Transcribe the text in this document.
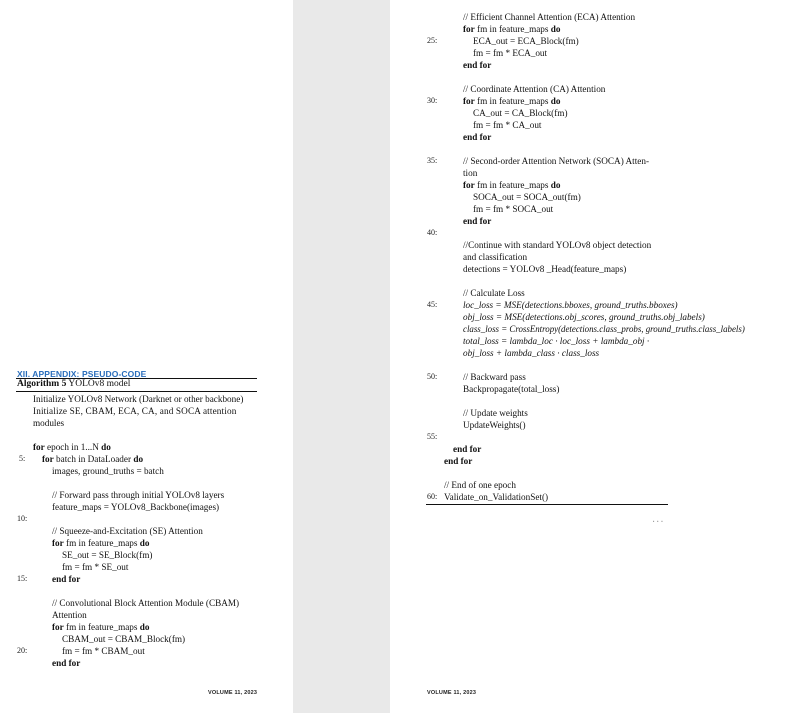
XII. APPENDIX: PSEUDO-CODE
Algorithm 5 YOLOv8 model
Initialize YOLOv8 Network (Darknet or other backbone)
Initialize SE, CBAM, ECA, CA, and SOCA attention
modules
for epoch in 1...N do
for batch in DataLoader do
images, ground_truths = batch
// Forward pass through initial YOLOv8 layers
feature_maps = YOLOv8_Backbone(images)
// Squeeze-and-Excitation (SE) Attention
for fm in feature_maps do
SE_out = SE_Block(fm)
fm = fm * SE_out
end for
// Convolutional Block Attention Module (CBAM)
Attention
for fm in feature_maps do
CBAM_out = CBAM_Block(fm)
fm = fm * CBAM_out
end for
5:
10:
15:
20:
VOLUME 11, 2023
// Efficient Channel Attention (ECA) Attention
for fm in feature_maps do
ECA_out = ECA_Block(fm)
fm = fm * ECA_out
end for
// Coordinate Attention (CA) Attention
for fm in feature_maps do
CA_out = CA_Block(fm)
fm = fm * CA_out
end for
// Second-order Attention Network (SOCA) Atten-
tion
for fm in feature_maps do
SOCA_out = SOCA_out(fm)
fm = fm * SOCA_out
end for
//Continue with standard YOLOv8 object detection
and classification
detections = YOLOv8 _Head(feature_maps)
// Calculate Loss
loc_loss = MSE(detections.bboxes, ground_truths.bboxes)
obj_loss = MSE(detections.obj_scores, ground_truths.obj_labels)
class_loss = CrossEntropy(detections.class_probs, ground_truths.class_labels)
total_loss = lambda_loc · loc_loss + lambda_obj ·
obj_loss + lambda_class · class_loss
// Backward pass
Backpropagate(total_loss)
// Update weights
UpdateWeights()
end for
end for
// End of one epoch
Validate_on_ValidationSet()
25:
30:
35:
40:
45:
50:
55:
60:
...
VOLUME 11, 2023
